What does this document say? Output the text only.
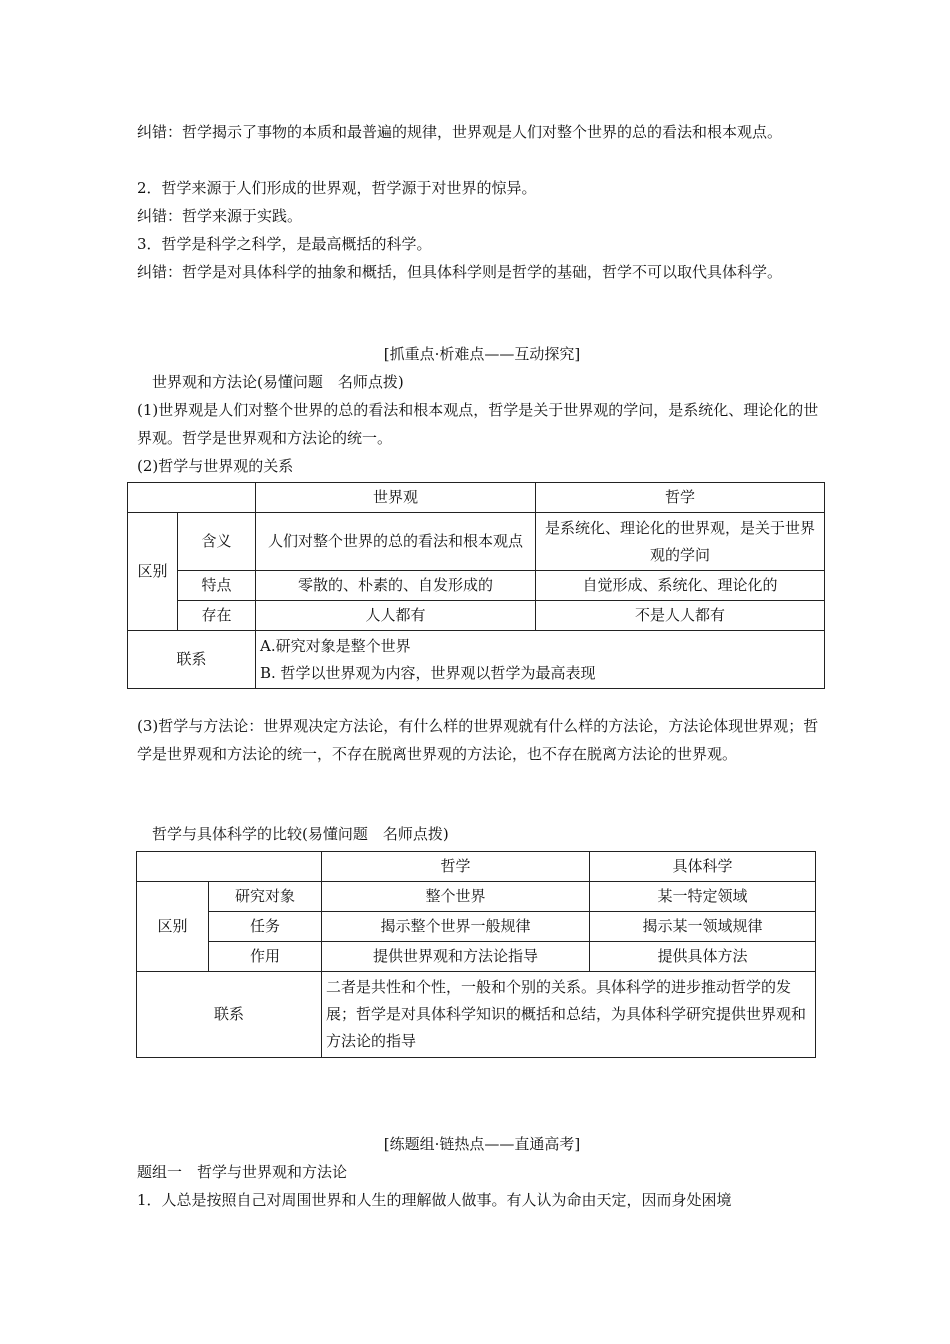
纠错：哲学揭示了事物的本质和最普遍的规律，世界观是人们对整个世界的总的看法和根本观点。

2．哲学来源于人们形成的世界观，哲学源于对世界的惊异。

纠错：哲学来源于实践。

3．哲学是科学之科学，是最高概括的科学。

纠错：哲学是对具体科学的抽象和概括，但具体科学则是哲学的基础，哲学不可以取代具体科学。

[抓重点·析难点——互动探究]

世界观和方法论(易懂问题　名师点拨)

(1)世界观是人们对整个世界的总的看法和根本观点，哲学是关于世界观的学问，是系统化、理论化的世界观。哲学是世界观和方法论的统一。

(2)哲学与世界观的关系

		世界观	哲学
区别	含义	人们对整个世界的总的看法和根本观点	是系统化、理论化的世界观，是关于世界观的学问
	特点	零散的、朴素的、自发形成的	自觉形成、系统化、理论化的
	存在	人人都有	不是人人都有
联系		A.研究对象是整个世界
B. 哲学以世界观为内容，世界观以哲学为最高表现	

(3)哲学与方法论：世界观决定方法论，有什么样的世界观就有什么样的方法论，方法论体现世界观；哲学是世界观和方法论的统一，不存在脱离世界观的方法论，也不存在脱离方法论的世界观。

哲学与具体科学的比较(易懂问题　名师点拨)

		哲学	具体科学
区别	研究对象	整个世界	某一特定领域
	任务	揭示整个世界一般规律	揭示某一领域规律
	作用	提供世界观和方法论指导	提供具体方法
联系		二者是共性和个性，一般和个别的关系。具体科学的进步推动哲学的发展；哲学是对具体科学知识的概括和总结，为具体科学研究提供世界观和方法论的指导	

[练题组·链热点——直通高考]

题组一　哲学与世界观和方法论

1．人总是按照自己对周围世界和人生的理解做人做事。有人认为命由天定，因而身处困境
